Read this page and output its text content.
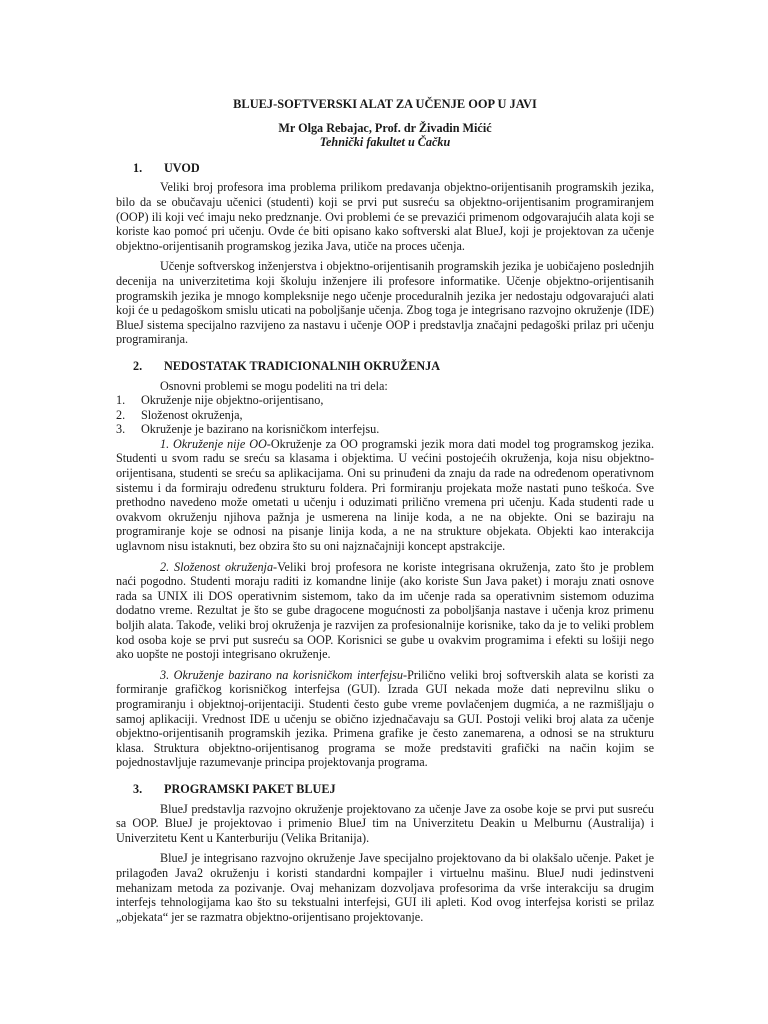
BLUEJ-SOFTVERSKI ALAT ZA UČENJE OOP U JAVI
Mr Olga Rebajac, Prof. dr Živadin Mićić
Tehnički fakultet u Čačku
1.	UVOD

Veliki broj profesora ima problema prilikom predavanja objektno-orijentisanih programskih jezika, bilo da se obučavaju učenici (studenti) koji se prvi put susreću sa objektno-orijentisanim programiranjem (OOP) ili koji već imaju neko predznanje. Ovi problemi će se prevazići primenom odgovarajućih alata koji se koriste kao pomoć pri učenju. Ovde će biti opisano kako softverski alat BlueJ, koji je projektovan za učenje objektno-orijentisanih programskog jezika Java, utiče na proces učenja.

Učenje softverskog inženjerstva i objektno-orijentisanih programskih jezika je uobičajeno poslednjih decenija na univerzitetima koji školuju inženjere ili profesore informatike. Učenje objektno-orijentisanih programskih jezika je mnogo kompleksnije nego učenje proceduralnih jezika jer nedostaju odgovarajući alati koji će u pedagoškom smislu uticati na poboljšanje učenja. Zbog toga je integrisano razvojno okruženje (IDE) BlueJ sistema specijalno razvijeno za nastavu i učenje OOP i predstavlja značajni pedagoški prilaz pri učenju programiranja.

2.	NEDOSTATAK TRADICIONALNIH OKRUŽENJA
Osnovni problemi se mogu podeliti na tri dela:
1.	Okruženje nije objektno-orijentisano,
2.	Složenost okruženja,
3.	Okruženje je bazirano na korisničkom interfejsu.

1. Okruženje nije OO-Okruženje za OO programski jezik mora dati model tog programskog jezika. Studenti u svom radu se sreću sa klasama i objektima. U većini postojećih okruženja, koja nisu objektno-orijentisana, studenti se sreću sa aplikacijama. Oni su prinuđeni da znaju da rade na određenom operativnom sistemu i da formiraju određenu strukturu foldera. Pri formiranju projekata može nastati puno teškoća. Sve prethodno navedeno može ometati u učenju i oduzimati prilično vremena pri učenju. Kada studenti rade u ovakvom okruženju njihova pažnja je usmerena na linije koda, a ne na objekte. Oni se baziraju na programiranje koje se odnosi na pisanje linija koda, a ne na strukture objekata. Objekti kao interakcija uglavnom nisu istaknuti, bez obzira što su oni najznačajniji koncept apstrakcije.

2. Složenost okruženja-Veliki broj profesora ne koriste integrisana okruženja, zato što je problem naći pogodno. Studenti moraju raditi iz komandne linije (ako koriste Sun Java paket) i moraju znati osnove rada sa UNIX ili DOS operativnim sistemom, tako da im učenje rada sa operativnim sistemom oduzima dodatno vreme. Rezultat je što se gube dragocene mogućnosti za poboljšanja nastave i učenja kroz primenu boljih alata. Takođe, veliki broj okruženja je razvijen za profesionalnije korisnike, tako da je to veliki problem kod osoba koje se prvi put susreću sa OOP. Korisnici se gube u ovakvim programima i efekti su lošiji nego ako uopšte ne postoji integrisano okruženje.

3. Okruženje bazirano na korisničkom interfejsu-Prilično veliki broj softverskih alata se koristi za formiranje grafičkog korisničkog interfejsa (GUI). Izrada GUI nekada može dati neprevilnu sliku o programiranju i objektnoj-orijentaciji. Studenti često gube vreme povlačenjem dugmića, a ne razmišljaju o samoj aplikaciji. Vrednost IDE u učenju se obično izjednačavaju sa GUI. Postoji veliki broj alata za učenje objektno-orijentisanih programskih jezika. Primena grafike je često zanemarena, a odnosi se na strukturu klasa. Struktura objektno-orijentisanog programa se može predstaviti grafički na način kojim se pojednostavljuje razumevanje principa projektovanja programa.

3.	PROGRAMSKI PAKET BLUEJ

BlueJ predstavlja razvojno okruženje projektovano za učenje Jave za osobe koje se prvi put susreću sa OOP. BlueJ je projektovao i primenio BlueJ tim na Univerzitetu Deakin u Melburnu (Australija) i Univerzitetu Kent u Kanterburiju (Velika Britanija).

BlueJ je integrisano razvojno okruženje Jave specijalno projektovano da bi olakšalo učenje. Paket je prilagođen Java2 okruženju i koristi standardni kompajler i virtuelnu mašinu. BlueJ nudi jedinstveni mehanizam metoda za pozivanje. Ovaj mehanizam dozvoljava profesorima da vrše interakciju sa drugim interfejs tehnologijama kao što su tekstualni interfejsi, GUI ili apleti. Kod ovog interfejsa koristi se prilaz „objekata“ jer se razmatra objektno-orijentisano projektovanje.
